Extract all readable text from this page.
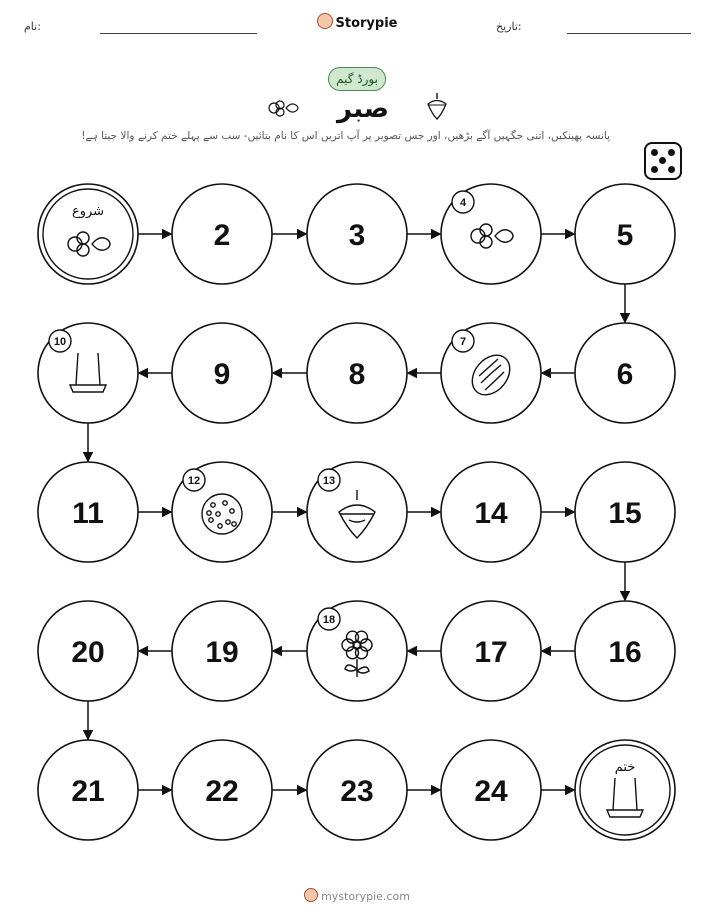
نام:	Storypie	تاریخ:
بورڈ گیم
صبر
پانسہ پھینکیں، اتنی جگہیں آگے بڑھیں، اور جس تصویر پر آپ اتریں اس کا نام بتائیں- سب سے پہلے ختم کرنے والا جیتا ہے!
شروع
2	3
4
5
6
7
8
9
10
11
12	13
14	15
16
17
18
19
20
21	22	23	24
ختم
mystorypie.com
